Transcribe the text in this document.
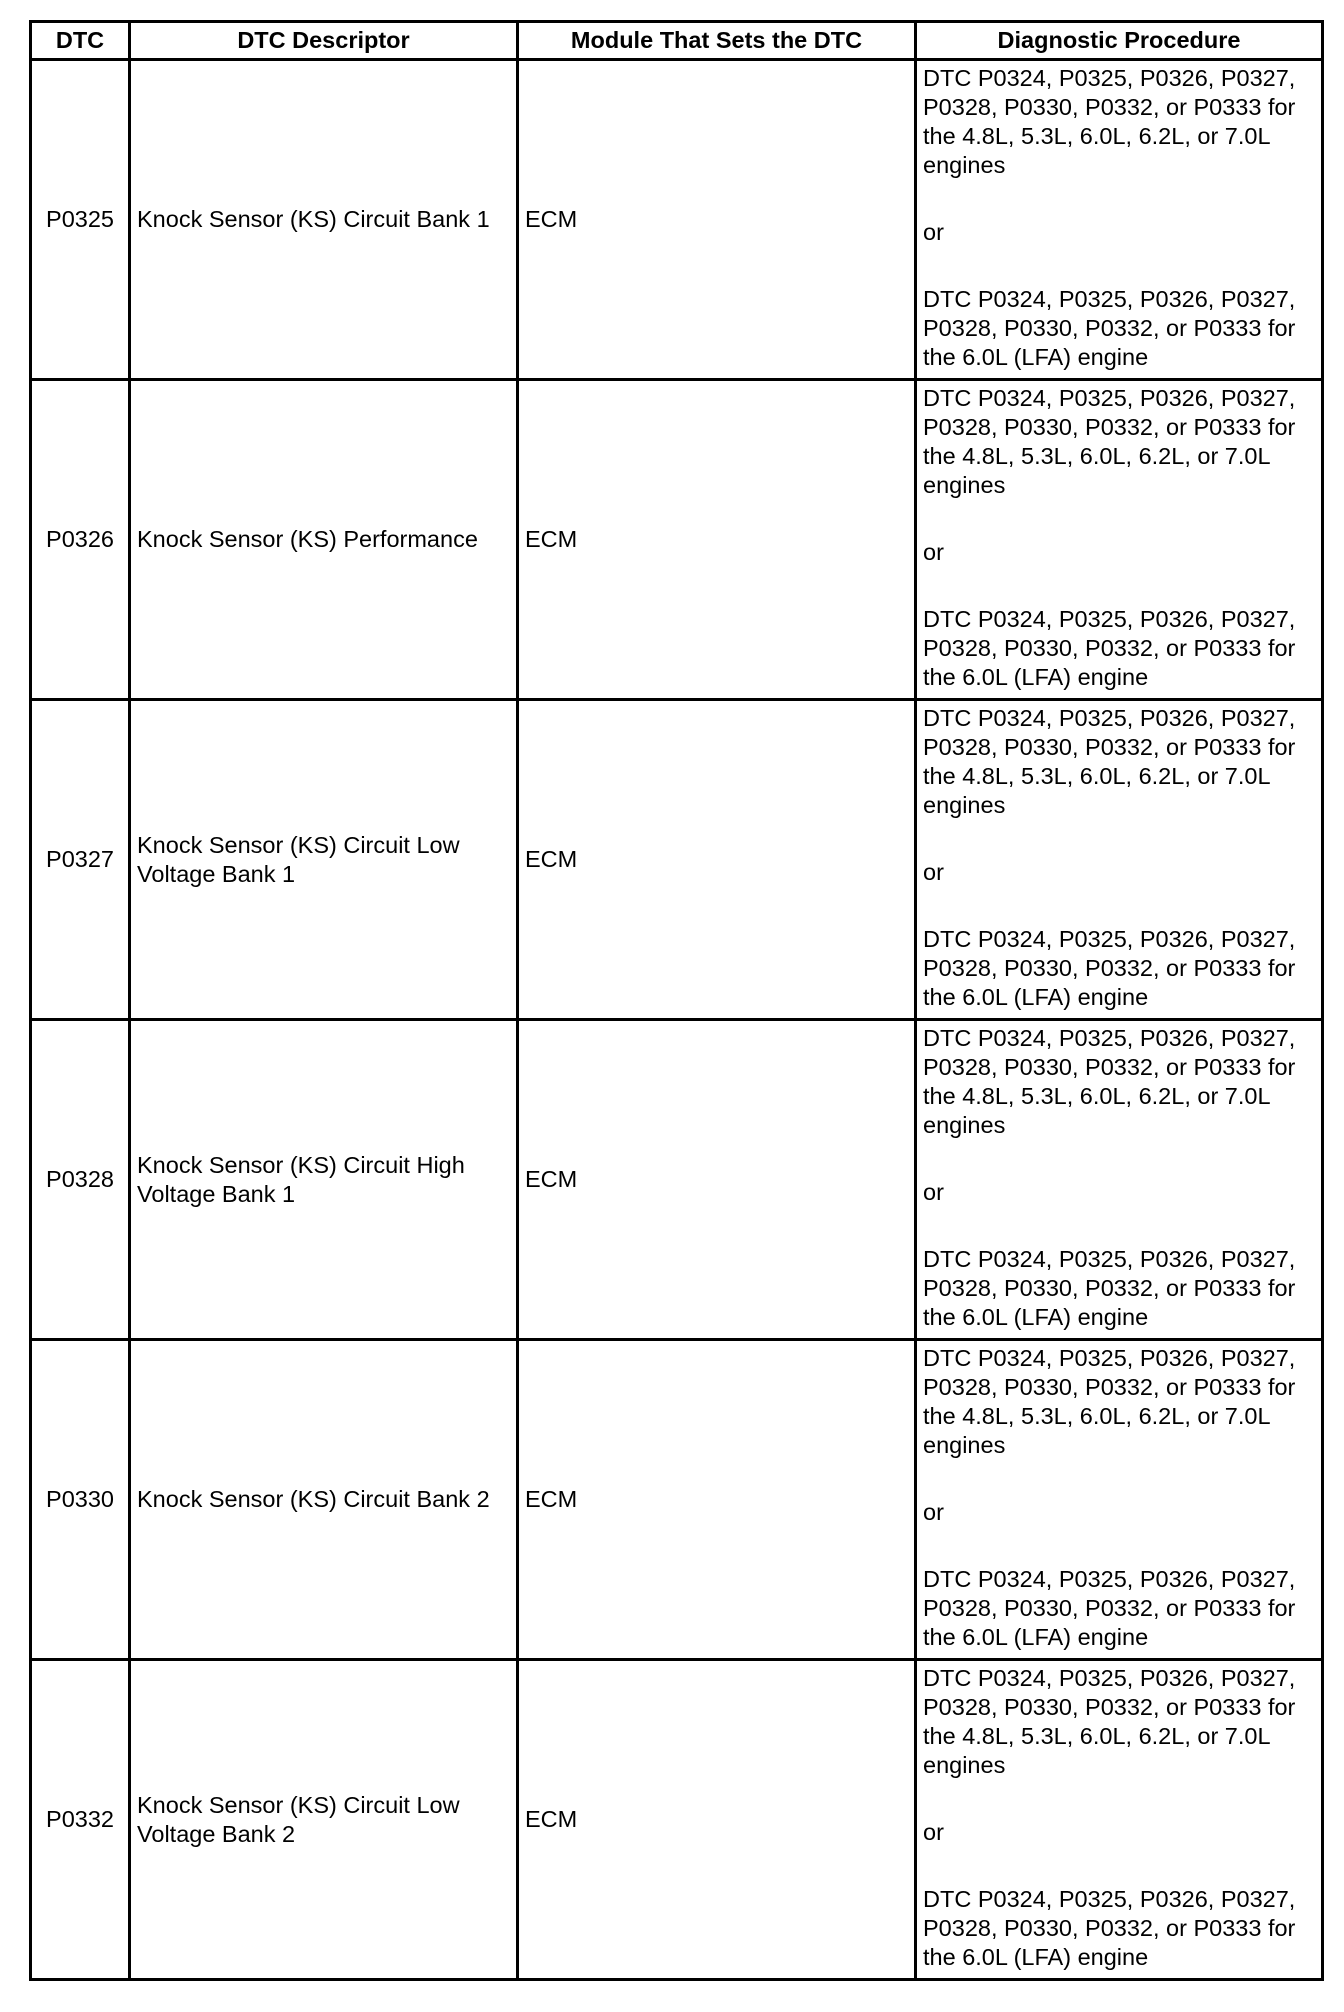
DTC	DTC Descriptor	Module That Sets the DTC	Diagnostic Procedure
P0325	Knock Sensor (KS) Circuit Bank 1	ECM	DTC P0324, P0325, P0326, P0327, P0328, P0330, P0332, or P0333 for the 4.8L, 5.3L, 6.0L, 6.2L, or 7.0L engines
or
DTC P0324, P0325, P0326, P0327, P0328, P0330, P0332, or P0333 for the 6.0L (LFA) engine

P0326	Knock Sensor (KS) Performance	ECM	DTC P0324, P0325, P0326, P0327, P0328, P0330, P0332, or P0333 for the 4.8L, 5.3L, 6.0L, 6.2L, or 7.0L engines
or
DTC P0324, P0325, P0326, P0327, P0328, P0330, P0332, or P0333 for the 6.0L (LFA) engine

P0327	Knock Sensor (KS) Circuit Low Voltage Bank 1	ECM	DTC P0324, P0325, P0326, P0327, P0328, P0330, P0332, or P0333 for the 4.8L, 5.3L, 6.0L, 6.2L, or 7.0L engines
or
DTC P0324, P0325, P0326, P0327, P0328, P0330, P0332, or P0333 for the 6.0L (LFA) engine

P0328	Knock Sensor (KS) Circuit High Voltage Bank 1	ECM	DTC P0324, P0325, P0326, P0327, P0328, P0330, P0332, or P0333 for the 4.8L, 5.3L, 6.0L, 6.2L, or 7.0L engines
or
DTC P0324, P0325, P0326, P0327, P0328, P0330, P0332, or P0333 for the 6.0L (LFA) engine

P0330	Knock Sensor (KS) Circuit Bank 2	ECM	DTC P0324, P0325, P0326, P0327, P0328, P0330, P0332, or P0333 for the 4.8L, 5.3L, 6.0L, 6.2L, or 7.0L engines
or
DTC P0324, P0325, P0326, P0327, P0328, P0330, P0332, or P0333 for the 6.0L (LFA) engine

P0332	Knock Sensor (KS) Circuit Low Voltage Bank 2	ECM	DTC P0324, P0325, P0326, P0327, P0328, P0330, P0332, or P0333 for the 4.8L, 5.3L, 6.0L, 6.2L, or 7.0L engines
or
DTC P0324, P0325, P0326, P0327, P0328, P0330, P0332, or P0333 for the 6.0L (LFA) engine
